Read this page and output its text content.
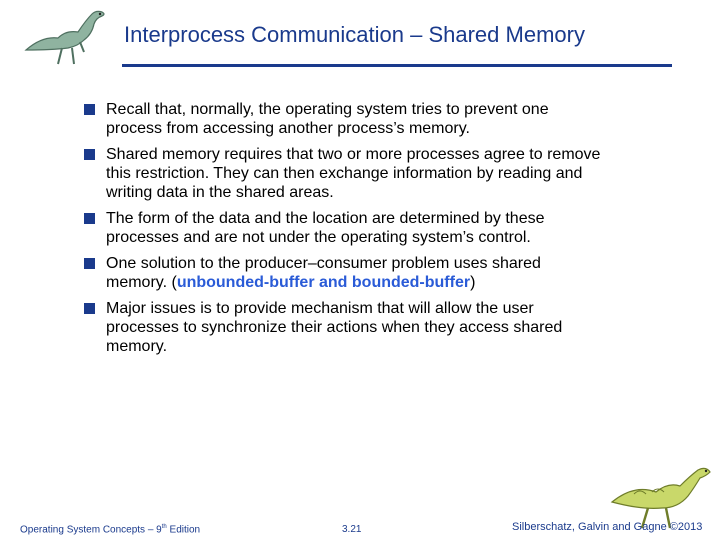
Interprocess Communication – Shared Memory
Recall that, normally, the operating system tries to prevent one process from accessing another process’s memory.
Shared memory requires that two or more processes agree to remove this restriction. They can then exchange information by reading and writing data in the shared areas.
The form of the data and the location are determined by these processes and are not under the operating system’s control.
One solution to the producer–consumer problem uses shared memory. (unbounded-buffer and bounded-buffer)
Major issues is to provide mechanism that will allow the user processes to synchronize their actions when they access shared memory.
Operating System Concepts – 9th Edition	3.21	Silberschatz, Galvin and Gagne ©2013
